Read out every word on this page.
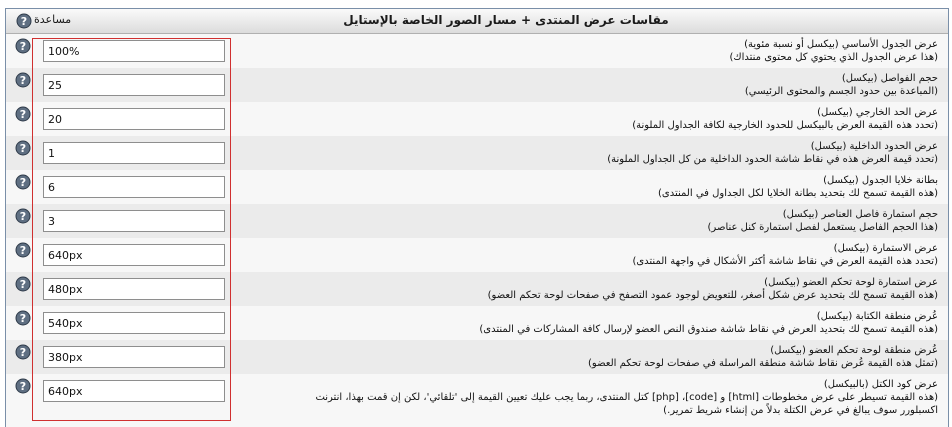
? مساعدة	مقاسات عرض المنتدى + مسار الصور الخاصة بالإستايل
?
100%	عرض الجدول الأساسي (بيكسل أو نسبة مئوية)
(هذا عرض الجدول الذي يحتوي كل محتوى منتداك)
?
25	حجم الفواصل (بيكسل)
(المباعدة بين حدود الجسم والمحتوى الرئيسي)
?
20	عرض الحد الخارجي (بيكسل)
(تحدد هذه القيمة العرض بالبيكسل للحدود الخارجية لكافة الجداول الملونة)
?
1	عرض الحدود الداخلية (بيكسل)
(تحدد قيمة العرض هذه في نقاط شاشة الحدود الداخلية من كل الجداول الملونة)
?
6	بطانة خلايا الجدول (بيكسل)
(هذه القيمة تسمح لك بتحديد بطانة الخلايا لكل الجداول في المنتدى)
?
3	حجم استمارة فاصل العناصر (بيكسل)
(هذا الحجم الفاصل يستعمل لفصل استمارة كنل عناصر)
?
640px	عرض الاستمارة (بيكسل)
(تحدد هذه القيمة العرض في نقاط شاشة أكثر الأشكال في واجهة المنتدى)
?
480px	عرض استمارة لوحة تحكم العضو (بيكسل)
(هذه القيمة تسمح لك بتحديد عرض شكل أصغر، للتعويض لوجود عمود التصفح في صفحات لوحة تحكم العضو)
?
540px	عُرض منطقة الكتابة (بيكسل)
(هذه القيمة تسمح لك بتحديد العرض في نقاط شاشة صندوق النص العضو لإرسال كافة المشاركات في المنتدى)
?
380px	عُرض منطقة لوحة تحكم العضو (بيكسل)
(تمثل هذه القيمة عُرض نقاط شاشة منطقة المراسلة في صفحات لوحة تحكم العضو)
?
640px	عرض كود الكتل (بالبيكسل)
(هذه القيمة تسيطر على عرض مخطوطات [html] و [code]، [php] كتل المنتدى، ربما يجب عليك تعيين القيمة إلى 'تلقائي'، لكن إن قمت بهذا، انترنت
اكسبلورر سوف يبالغ في عرض الكتلة بدلاً من إنشاء شريط تمرير.)
